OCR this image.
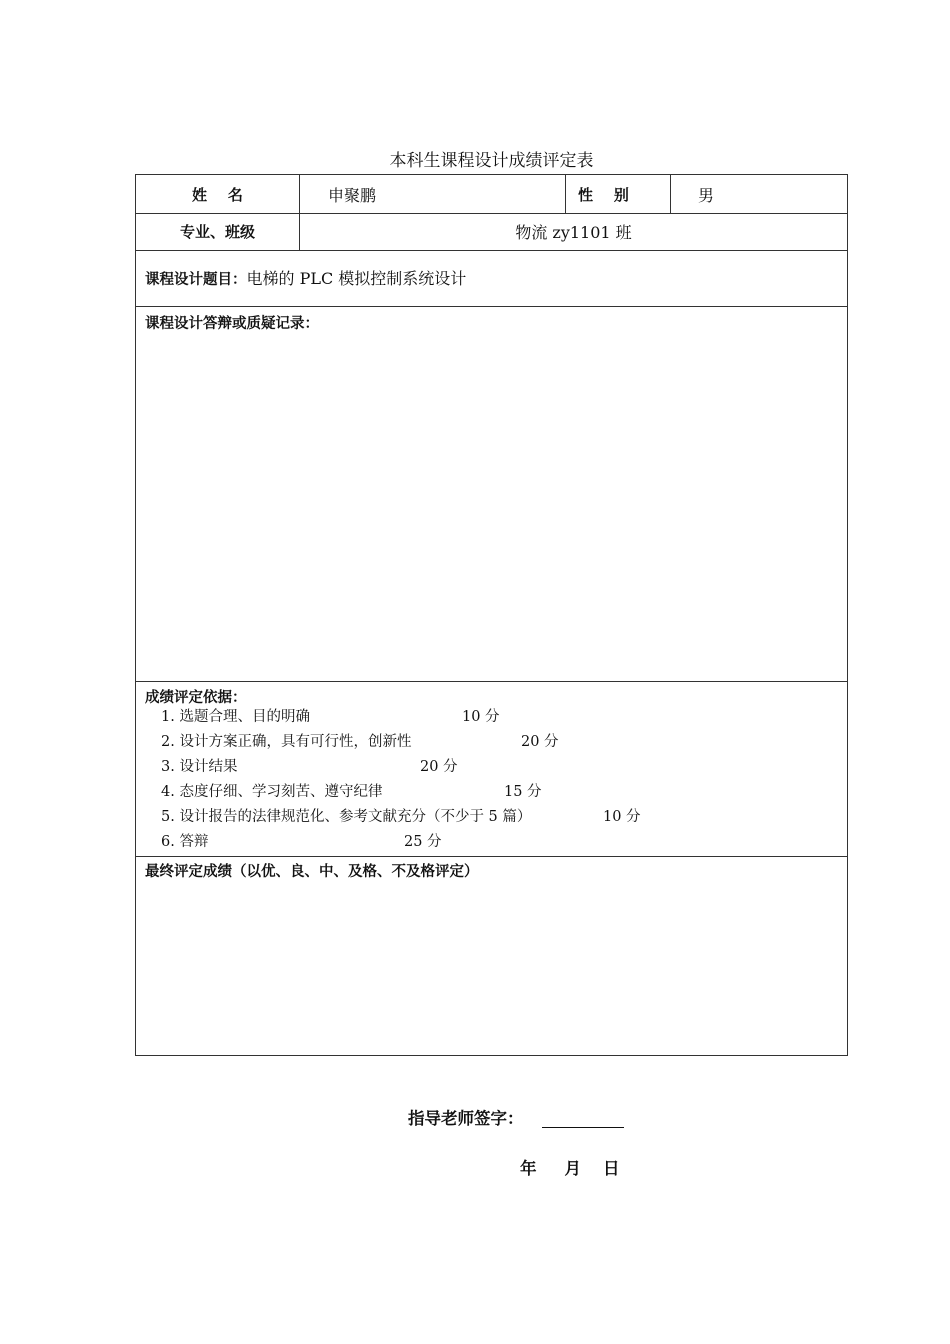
本科生课程设计成绩评定表
姓    名	申聚鹏	性    别	男
专业、班级	物流 zy1101 班
课程设计题目：电梯的 PLC 模拟控制系统设计
课程设计答辩或质疑记录：
成绩评定依据：
1. 选题合理、目的明确	10 分
2. 设计方案正确，具有可行性，创新性	20 分
3. 设计结果	20 分
4. 态度仔细、学习刻苦、遵守纪律	15 分
5. 设计报告的法律规范化、参考文献充分（不少于 5 篇）	10 分
6. 答辩	25 分
最终评定成绩（以优、良、中、及格、不及格评定）
指导老师签字：
年 月 日
